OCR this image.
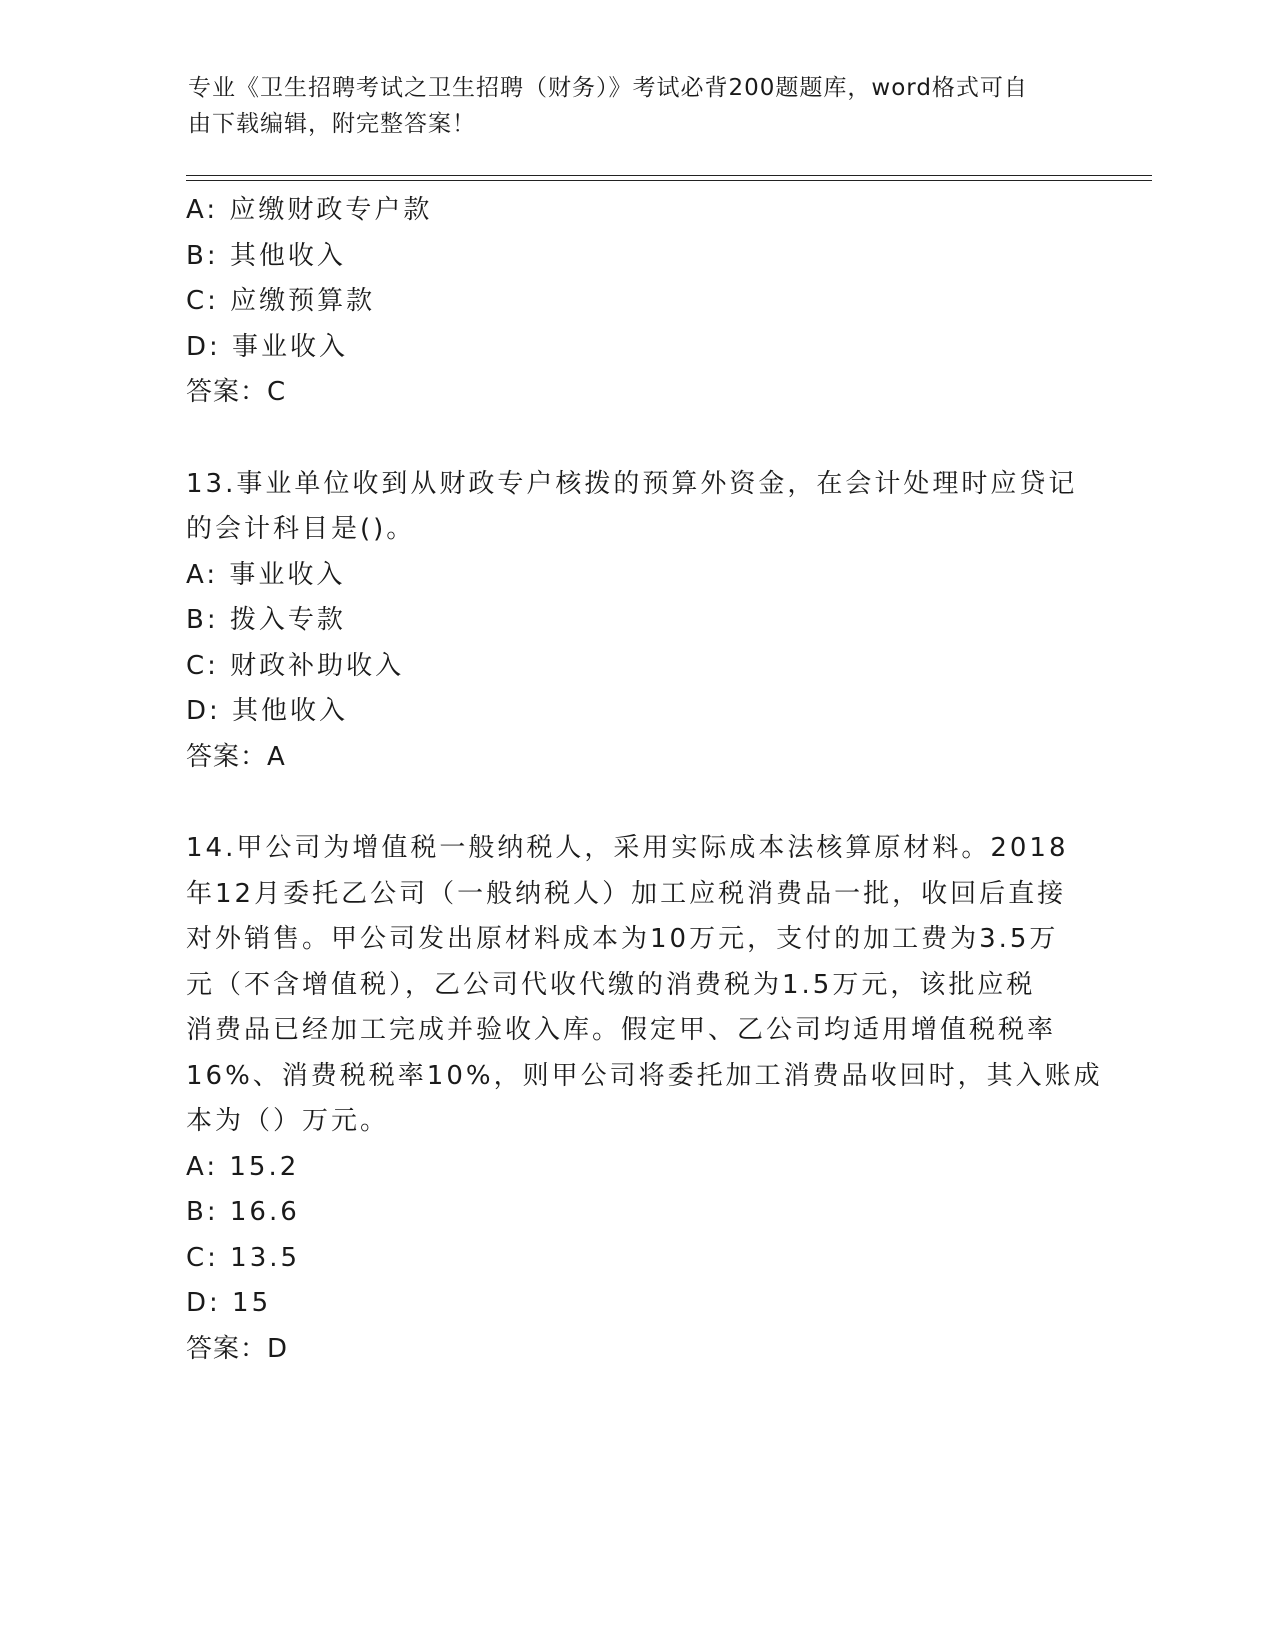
专业《卫生招聘考试之卫生招聘（财务）》考试必背200题题库，word格式可自
由下载编辑，附完整答案！
A: 应缴财政专户款
B: 其他收入
C: 应缴预算款
D: 事业收入
答案：C
13.事业单位收到从财政专户核拨的预算外资金，在会计处理时应贷记
的会计科目是()。
A: 事业收入
B: 拨入专款
C: 财政补助收入
D: 其他收入
答案：A
14.甲公司为增值税一般纳税人，采用实际成本法核算原材料。2018
年12月委托乙公司（一般纳税人）加工应税消费品一批，收回后直接
对外销售。甲公司发出原材料成本为10万元，支付的加工费为3.5万
元（不含增值税），乙公司代收代缴的消费税为1.5万元，该批应税
消费品已经加工完成并验收入库。假定甲、乙公司均适用增值税税率
16%、消费税税率10%，则甲公司将委托加工消费品收回时，其入账成
本为（）万元。
A: 15.2
B: 16.6
C: 13.5
D: 15
答案：D
